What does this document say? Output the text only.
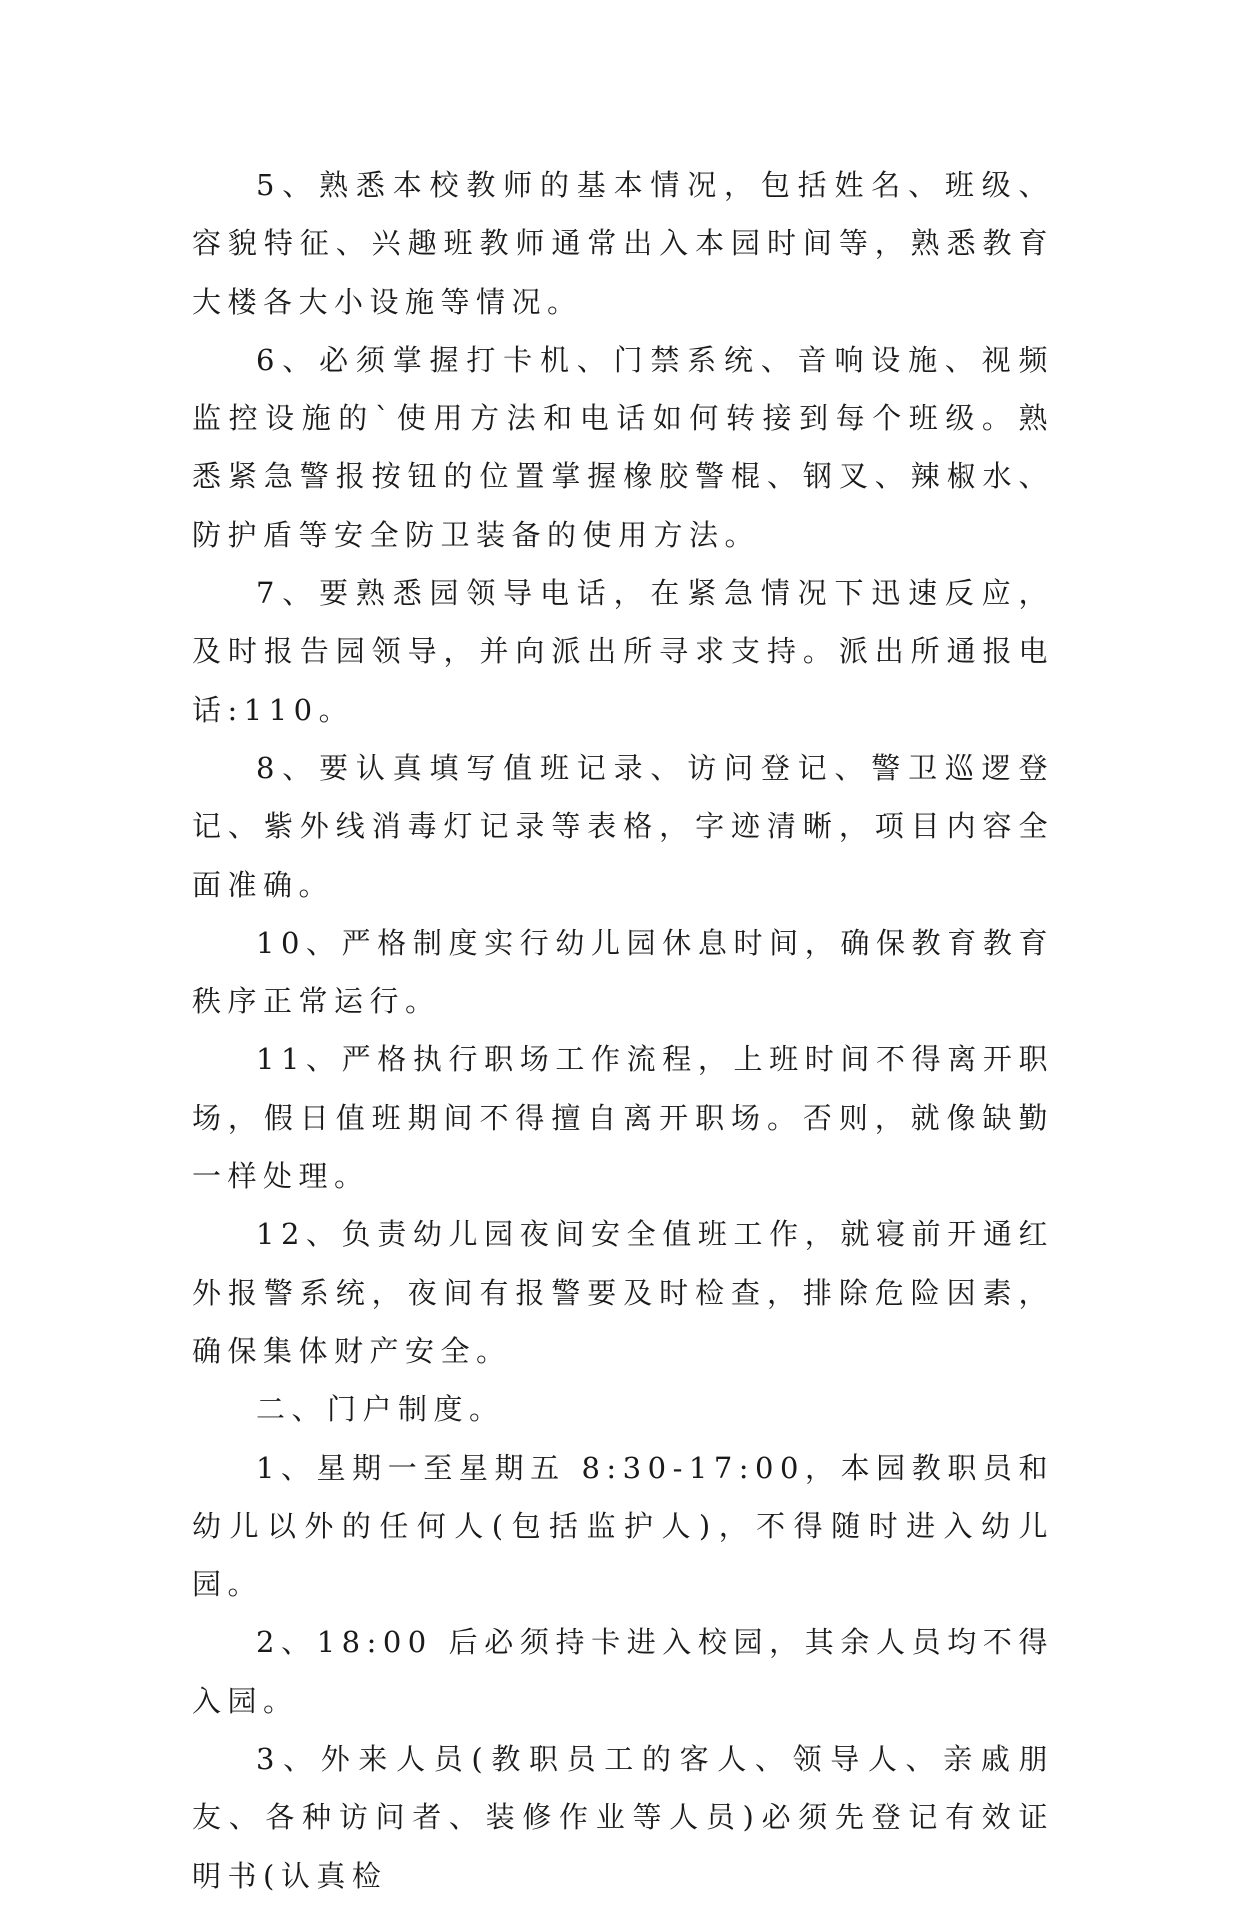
5、熟悉本校教师的基本情况，包括姓名、班级、容貌特征、兴趣班教师通常出入本园时间等，熟悉教育大楼各大小设施等情况。

6、必须掌握打卡机、门禁系统、音响设施、视频监控设施的`使用方法和电话如何转接到每个班级。熟悉紧急警报按钮的位置掌握橡胶警棍、钢叉、辣椒水、防护盾等安全防卫装备的使用方法。

7、要熟悉园领导电话，在紧急情况下迅速反应，及时报告园领导，并向派出所寻求支持。派出所通报电话:110。

8、要认真填写值班记录、访问登记、警卫巡逻登记、紫外线消毒灯记录等表格，字迹清晰，项目内容全面准确。

10、严格制度实行幼儿园休息时间，确保教育教育秩序正常运行。

11、严格执行职场工作流程，上班时间不得离开职场，假日值班期间不得擅自离开职场。否则，就像缺勤一样处理。

12、负责幼儿园夜间安全值班工作，就寝前开通红外报警系统，夜间有报警要及时检查，排除危险因素，确保集体财产安全。

二、门户制度。

1、星期一至星期五 8:30-17:00，本园教职员和幼儿以外的任何人(包括监护人)，不得随时进入幼儿园。

2、18:00 后必须持卡进入校园，其余人员均不得入园。

3、外来人员(教职员工的客人、领导人、亲戚朋友、各种访问者、装修作业等人员)必须先登记有效证明书(认真检
